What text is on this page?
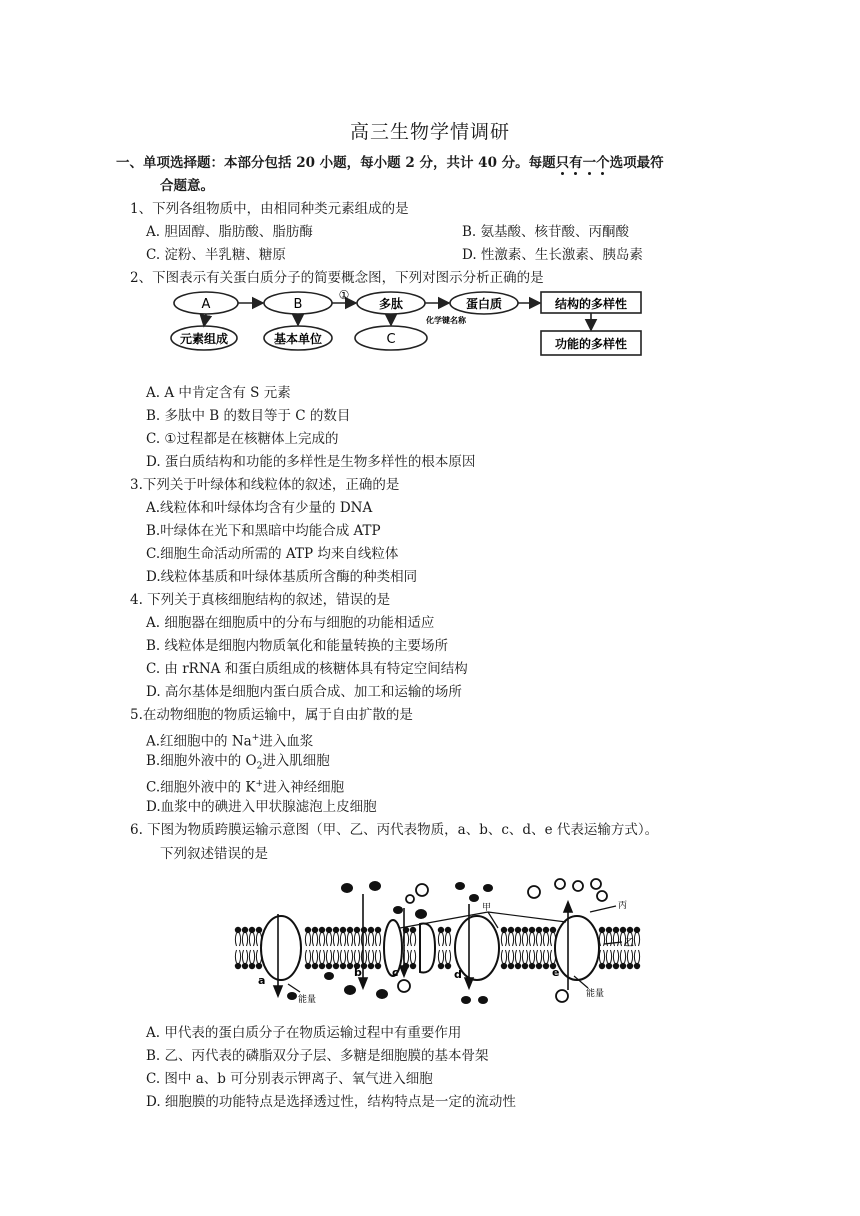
高三生物学情调研
一、单项选择题：本部分包括 20 小题，每小题 2 分，共计 40 分。每题只有一个选项最符
合题意。
1、下列各组物质中，由相同种类元素组成的是
A. 胆固醇、脂肪酸、脂肪酶	B. 氨基酸、核苷酸、丙酮酸
C. 淀粉、半乳糖、糖原	D. 性激素、生长激素、胰岛素
2、下图表示有关蛋白质分子的简要概念图，下列对图示分析正确的是
A	B	多肽	蛋白质	结构的多样性
元素组成	基本单位	C	功能的多样性
①
化学键名称
A. A 中肯定含有 S 元素
B. 多肽中 B 的数目等于 C 的数目
C. ①过程都是在核糖体上完成的
D. 蛋白质结构和功能的多样性是生物多样性的根本原因
3.下列关于叶绿体和线粒体的叙述，正确的是
A.线粒体和叶绿体均含有少量的 DNA
B.叶绿体在光下和黑暗中均能合成 ATP
C.细胞生命活动所需的 ATP 均来自线粒体
D.线粒体基质和叶绿体基质所含酶的种类相同
4. 下列关于真核细胞结构的叙述，错误的是
A. 细胞器在细胞质中的分布与细胞的功能相适应
B. 线粒体是细胞内物质氧化和能量转换的主要场所
C. 由 rRNA 和蛋白质组成的核糖体具有特定空间结构
D. 高尔基体是细胞内蛋白质合成、加工和运输的场所
5.在动物细胞的物质运输中，属于自由扩散的是
A.红细胞中的 Na+进入血浆
B.细胞外液中的 $O_2$进入肌细胞
C.细胞外液中的 K+进入神经细胞
D.血浆中的碘进入甲状腺滤泡上皮细胞
6. 下图为物质跨膜运输示意图（甲、乙、丙代表物质，a、b、c、d、e 代表运输方式）。
下列叙述错误的是
a
b	c	d	e
甲
乙
丙
能量
能量
A. 甲代表的蛋白质分子在物质运输过程中有重要作用
B. 乙、丙代表的磷脂双分子层、多糖是细胞膜的基本骨架
C. 图中 a、b 可分别表示钾离子、氧气进入细胞
D. 细胞膜的功能特点是选择透过性，结构特点是一定的流动性
